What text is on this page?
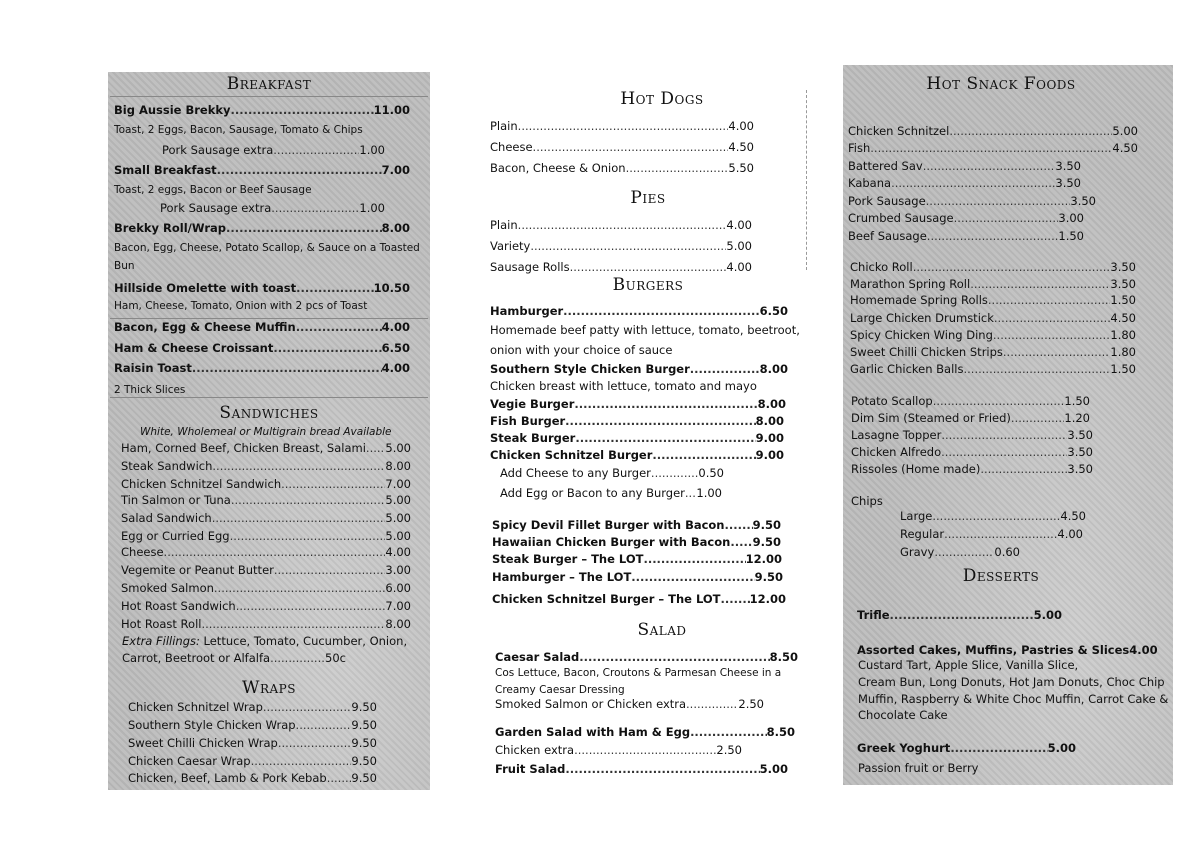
Breakfast
Big Aussie Brekky .....	11.00
Toast, 2 Eggs, Bacon, Sausage, Tomato & Chips
Pork Sausage extra .....	1.00
Small Breakfast .....	7.00
Toast, 2 eggs, Bacon or Beef Sausage
Pork Sausage extra .....	1.00
Brekky Roll/Wrap .....	8.00
Bacon, Egg, Cheese, Potato Scallop, & Sauce on a Toasted
Bun
Hillside Omelette with toast .....	10.50
Ham, Cheese, Tomato, Onion with 2 pcs of Toast
Bacon, Egg & Cheese Muffin .....	4.00
Ham & Cheese Croissant .....	6.50
Raisin Toast .....	4.00
2 Thick Slices
Sandwiches
White, Wholemeal or Multigrain bread Available
Ham, Corned Beef, Chicken Breast, Salami ..... 5.00
Steak Sandwich .....	8.00
Chicken Schnitzel Sandwich .....	7.00
Tin Salmon or Tuna .....	5.00
Salad Sandwich .....	5.00
Egg or Curried Egg .....	5.00
Cheese .....	4.00
Vegemite or Peanut Butter .....	3.00
Smoked Salmon .....	6.00
Hot Roast Sandwich .....	7.00
Hot Roast Roll .....	8.00
Extra Fillings: Lettuce, Tomato, Cucumber, Onion,
Carrot, Beetroot or Alfalfa .....	50c
Wraps
Chicken Schnitzel Wrap .....	9.50
Southern Style Chicken Wrap .....	9.50
Sweet Chilli Chicken Wrap .....	9.50
Chicken Caesar Wrap .....	9.50
Chicken, Beef, Lamb & Pork Kebab ..... 9.50
Hot Dogs
Plain .....	4.00
Cheese .....	4.50
Bacon, Cheese & Onion .....	5.50
Pies
Plain .....	4.00
Variety .....	5.00
Sausage Rolls .....	4.00
Burgers
Hamburger .....	6.50
Homemade beef patty with lettuce, tomato, beetroot,
onion with your choice of sauce
Southern Style Chicken Burger .....	8.00
Chicken breast with lettuce, tomato and mayo
Vegie Burger .....	8.00
Fish Burger .....	8.00
Steak Burger .....	9.00
Chicken Schnitzel Burger .....	9.00
Add Cheese to any Burger .....	0.50
Add Egg or Bacon to any Burger ..... 1.00
Spicy Devil Fillet Burger with Bacon ..... 9.50
Hawaiian Chicken Burger with Bacon ..... 9.50
Steak Burger – The LOT .....	12.00
Hamburger – The LOT .....	9.50
Chicken Schnitzel Burger – The LOT .....	12.00
Salad
Caesar Salad .....	8.50
Cos Lettuce, Bacon, Croutons & Parmesan Cheese in a
Creamy Caesar Dressing
Smoked Salmon or Chicken extra .....	2.50
Garden Salad with Ham & Egg .....	8.50
Chicken extra .....	2.50
Fruit Salad .....	5.00
Hot Snack Foods
Chicken Schnitzel .....	5.00
Fish .....	4.50
Battered Sav .....	3.50
Kabana .....	3.50
Pork Sausage .....	3.50
Crumbed Sausage .....	3.00
Beef Sausage .....	1.50
Chicko Roll .....	3.50
Marathon Spring Roll .....	3.50
Homemade Spring Rolls .....	1.50
Large Chicken Drumstick .....	4.50
Spicy Chicken Wing Ding .....	1.80
Sweet Chilli Chicken Strips .....	1.80
Garlic Chicken Balls .....	1.50
Potato Scallop .....	1.50
Dim Sim (Steamed or Fried) .....	1.20
Lasagne Topper .....	3.50
Chicken Alfredo .....	3.50
Rissoles (Home made) .....	3.50
Chips
Large .....	4.50
Regular .....	4.00
Gravy .....	0.60
Desserts
Trifle .....	5.00
Assorted Cakes, Muffins, Pastries & Slices 4.00
Custard Tart, Apple Slice, Vanilla Slice,
Cream Bun, Long Donuts, Hot Jam Donuts, Choc Chip
Muffin, Raspberry & White Choc Muffin, Carrot Cake &
Chocolate Cake
Greek Yoghurt .....	5.00
Passion fruit or Berry
